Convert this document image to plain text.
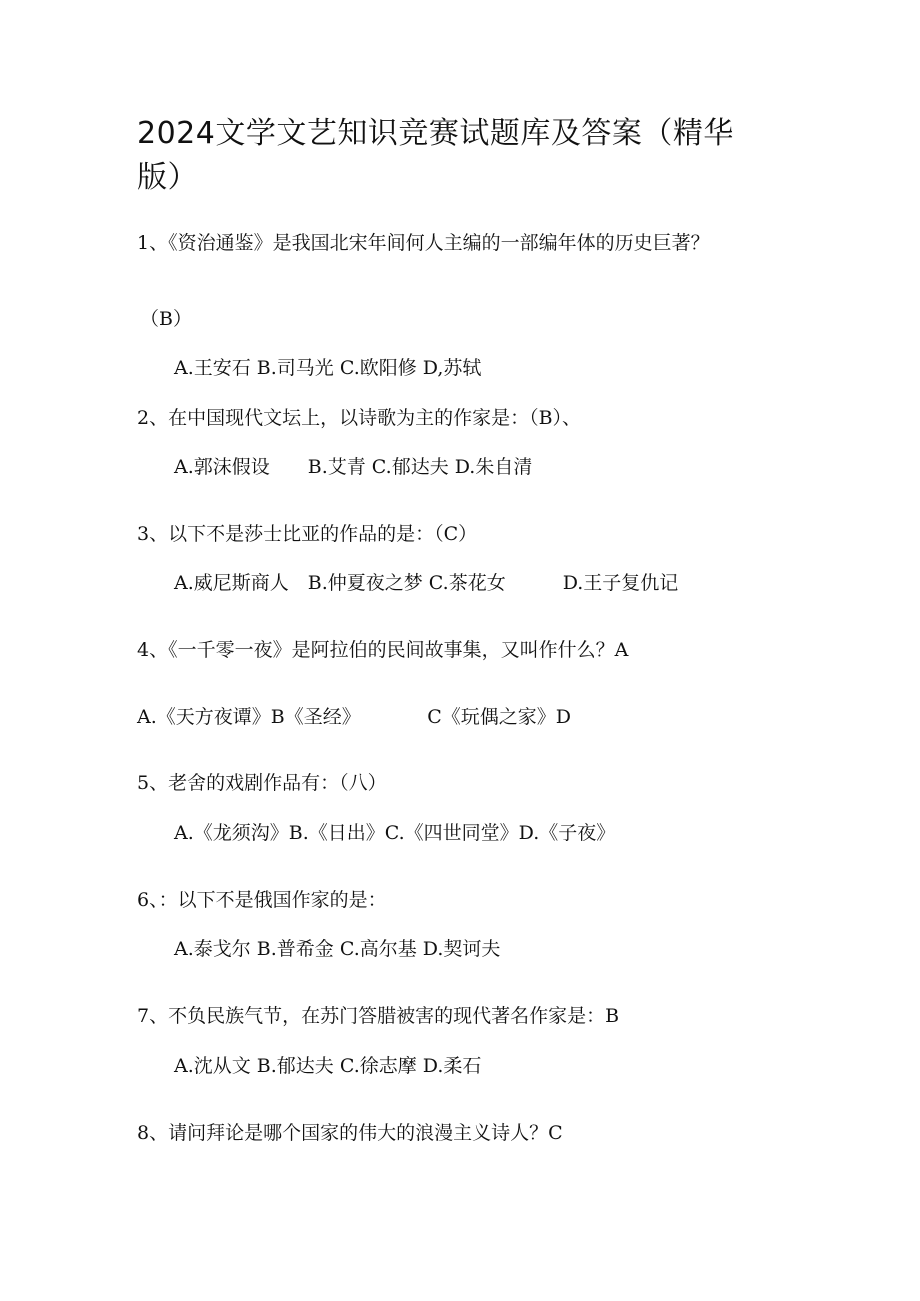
2024文学文艺知识竞赛试题库及答案（精华版）
1、《资治通鉴》是我国北宋年间何人主编的一部编年体的历史巨著？
（B）
A.王安石 B.司马光 C.欧阳修 D,苏轼
2、在中国现代文坛上，以诗歌为主的作家是：（B）、
A.郭沫假设　　B.艾青 C.郁达夫 D.朱自清
3、以下不是莎士比亚的作品的是：（C）
A.威尼斯商人　B.仲夏夜之梦 C.茶花女　　　D.王子复仇记
4、《一千零一夜》是阿拉伯的民间故事集，又叫作什么？A
A.《天方夜谭》B《圣经》　　　　C《玩偶之家》D
5、老舍的戏剧作品有：（八）
A.《龙须沟》B.《日出》C.《四世同堂》D.《子夜》
6、：以下不是俄国作家的是：
A.泰戈尔 B.普希金 C.高尔基 D.契诃夫
7、不负民族气节，在苏门答腊被害的现代著名作家是：B
A.沈从文 B.郁达夫 C.徐志摩 D.柔石
8、请问拜论是哪个国家的伟大的浪漫主义诗人？C
